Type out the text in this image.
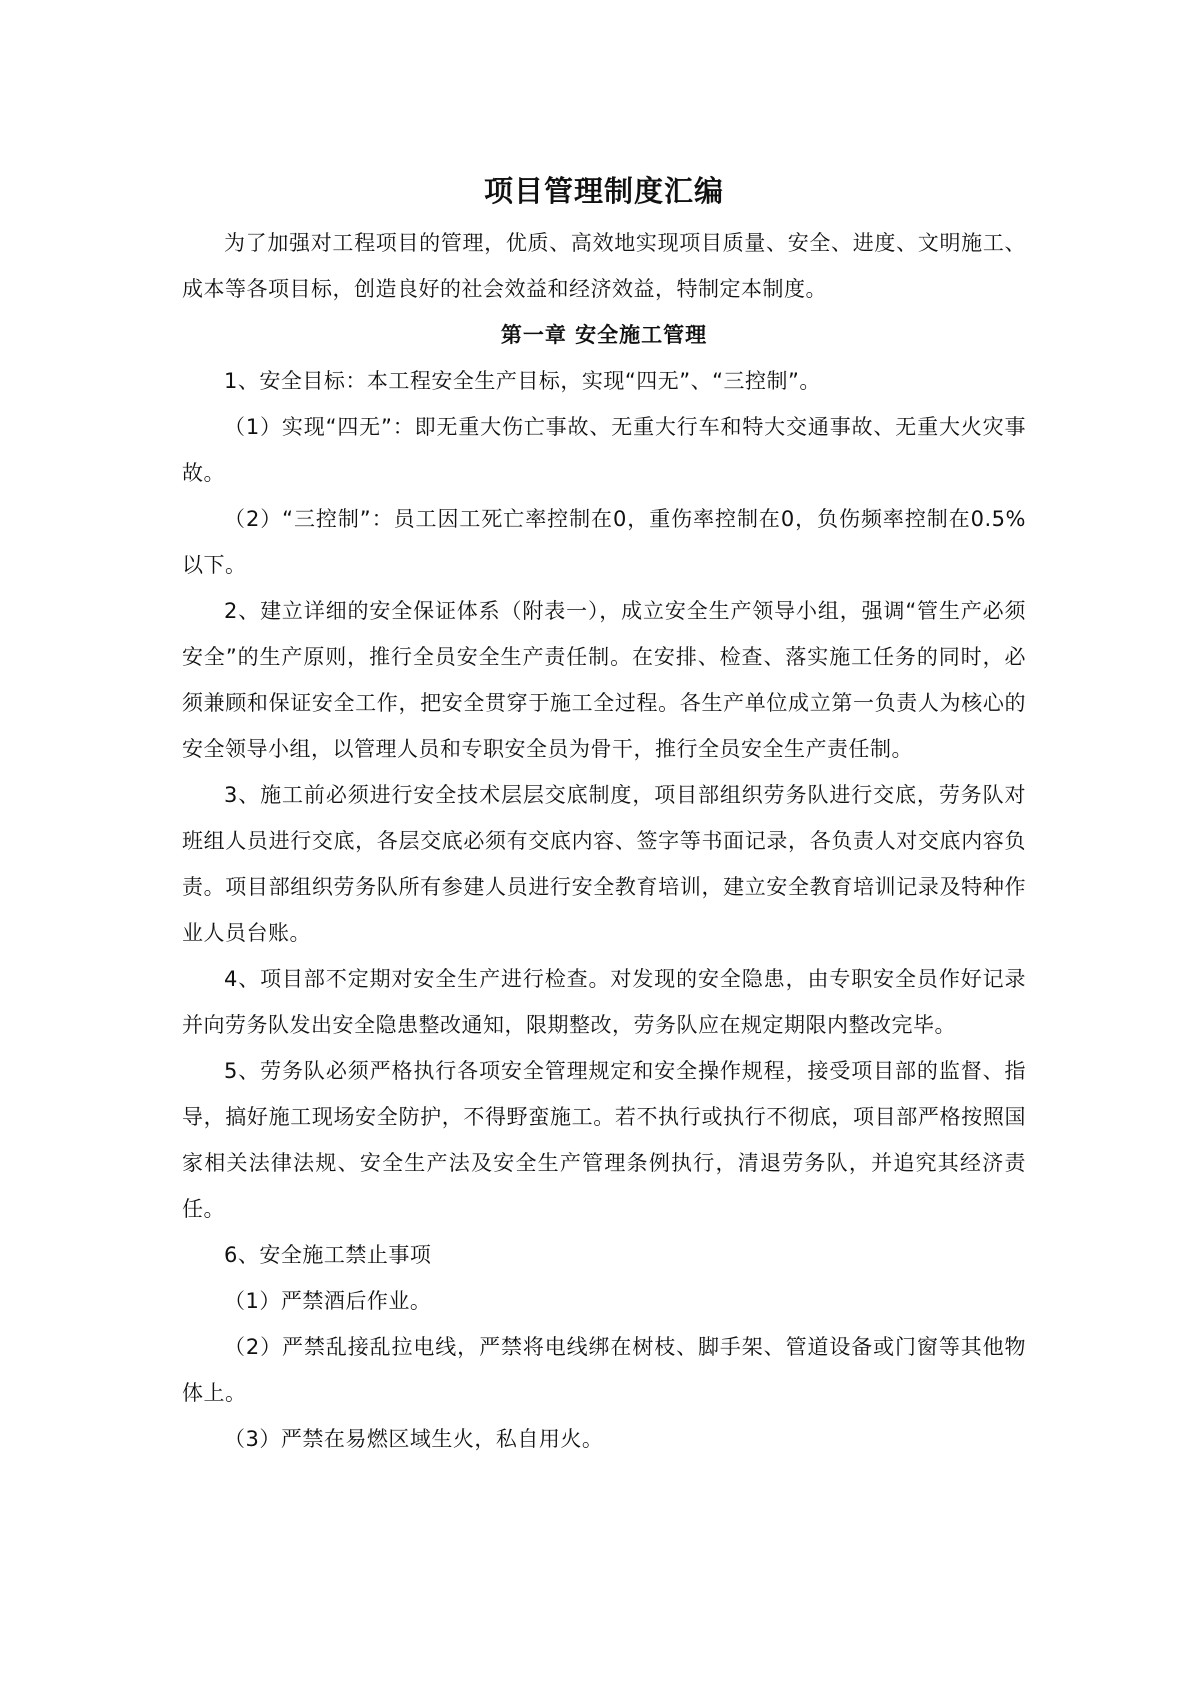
项目管理制度汇编

为了加强对工程项目的管理，优质、高效地实现项目质量、安全、进度、文明施工、成本等各项目标，创造良好的社会效益和经济效益，特制定本制度。

第一章 安全施工管理

1、安全目标：本工程安全生产目标，实现“四无”、“三控制”。

（1）实现“四无”：即无重大伤亡事故、无重大行车和特大交通事故、无重大火灾事故。

（2）“三控制”：员工因工死亡率控制在0，重伤率控制在0，负伤频率控制在0.5%以下。

2、建立详细的安全保证体系（附表一），成立安全生产领导小组，强调“管生产必须安全”的生产原则，推行全员安全生产责任制。在安排、检查、落实施工任务的同时，必须兼顾和保证安全工作，把安全贯穿于施工全过程。各生产单位成立第一负责人为核心的安全领导小组，以管理人员和专职安全员为骨干，推行全员安全生产责任制。

3、施工前必须进行安全技术层层交底制度，项目部组织劳务队进行交底，劳务队对班组人员进行交底，各层交底必须有交底内容、签字等书面记录，各负责人对交底内容负责。项目部组织劳务队所有参建人员进行安全教育培训，建立安全教育培训记录及特种作业人员台账。

4、项目部不定期对安全生产进行检查。对发现的安全隐患，由专职安全员作好记录并向劳务队发出安全隐患整改通知，限期整改，劳务队应在规定期限内整改完毕。

5、劳务队必须严格执行各项安全管理规定和安全操作规程，接受项目部的监督、指导，搞好施工现场安全防护，不得野蛮施工。若不执行或执行不彻底，项目部严格按照国家相关法律法规、安全生产法及安全生产管理条例执行，清退劳务队，并追究其经济责任。

6、安全施工禁止事项

（1）严禁酒后作业。

（2）严禁乱接乱拉电线，严禁将电线绑在树枝、脚手架、管道设备或门窗等其他物体上。

（3）严禁在易燃区域生火，私自用火。
